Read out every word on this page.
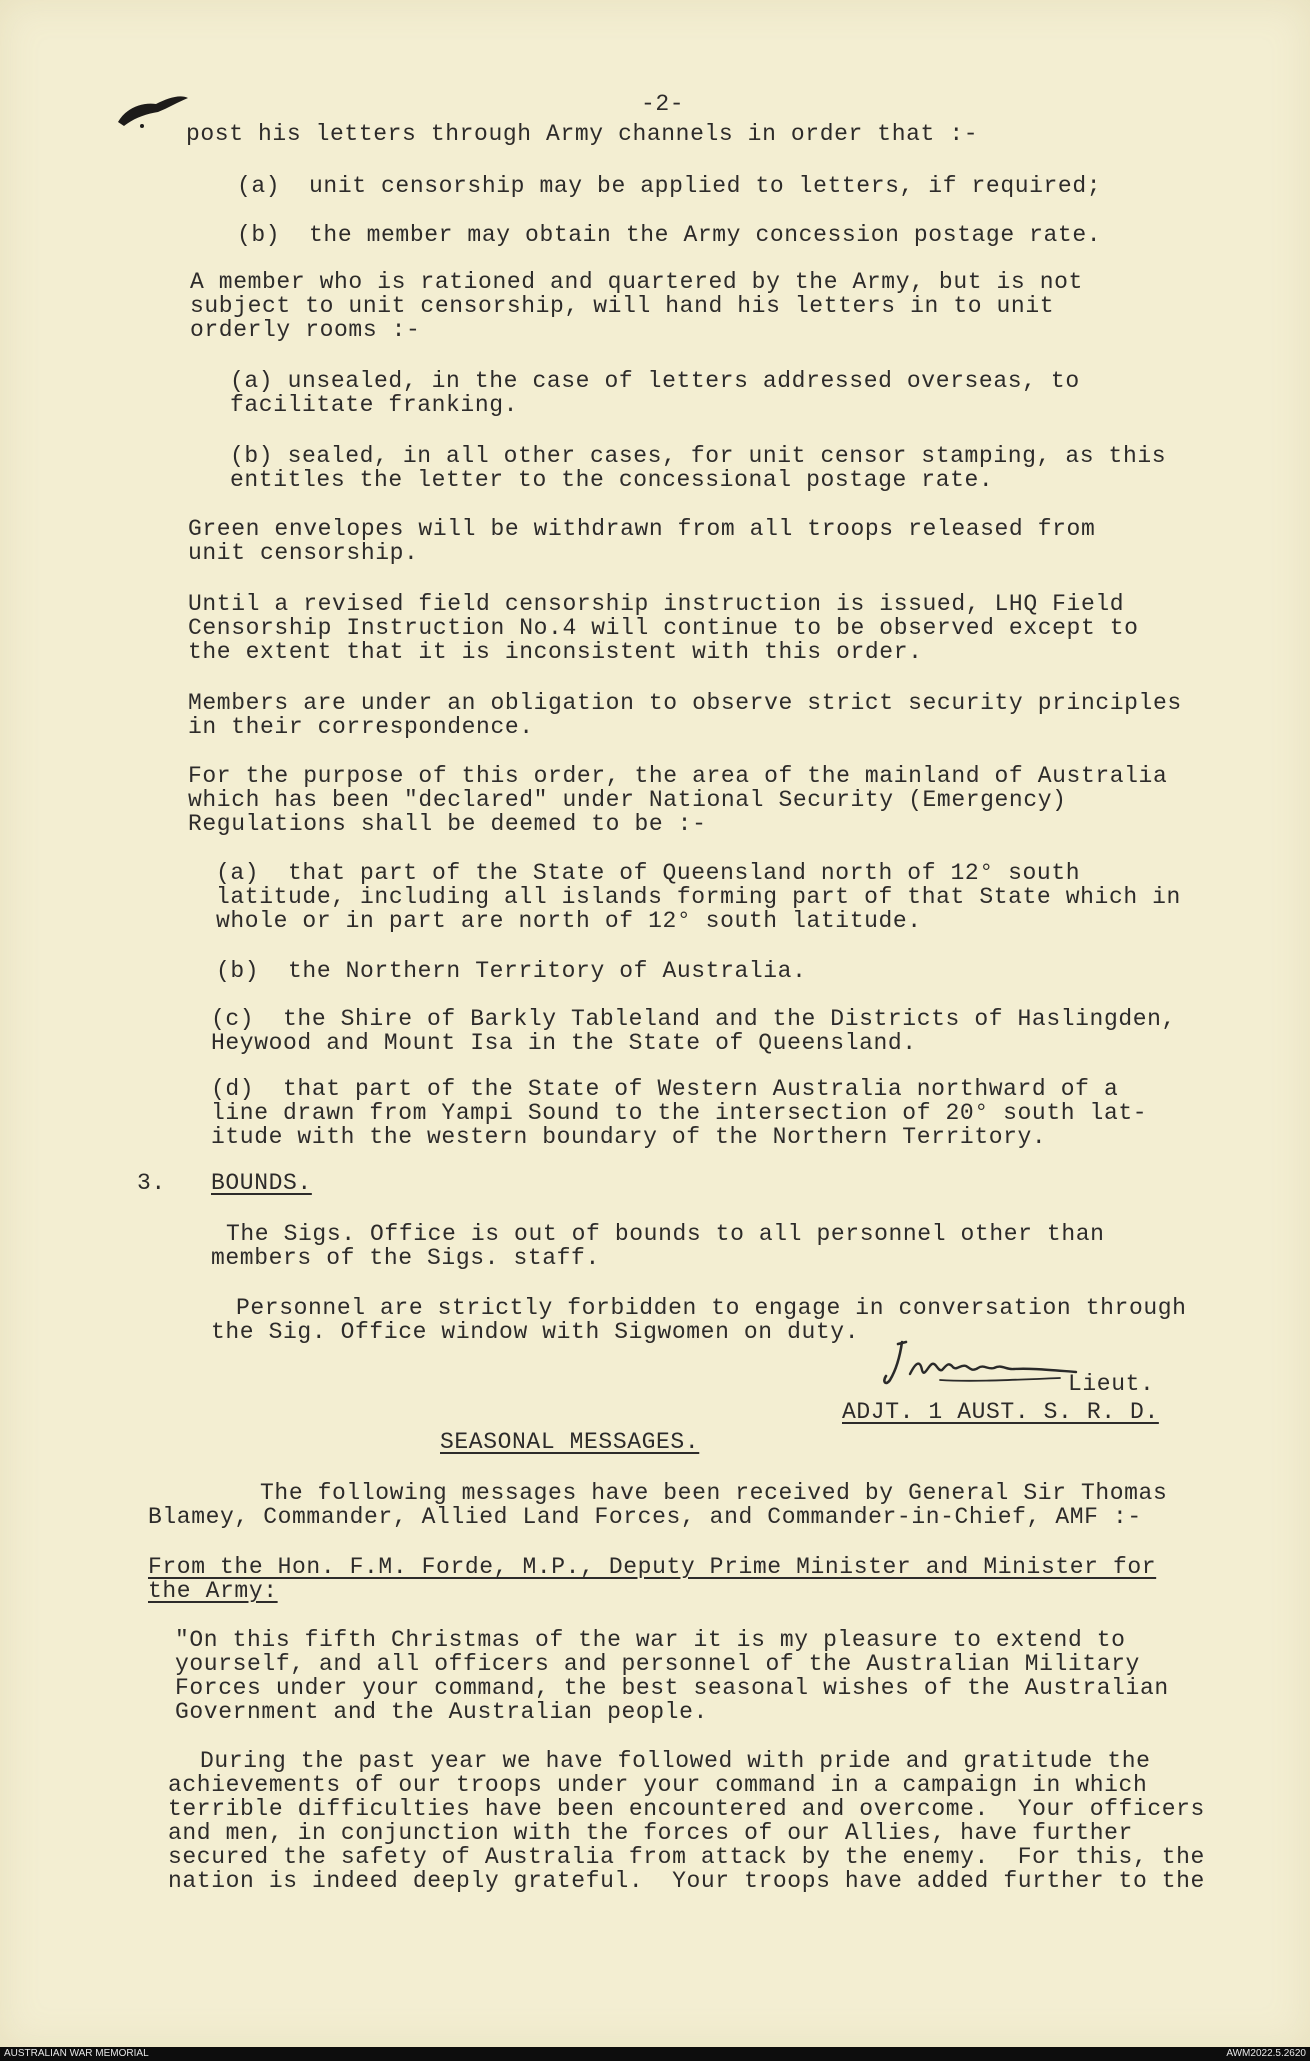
-2-

post his letters through Army channels in order that :-

(a)  unit censorship may be applied to letters, if required;

(b)  the member may obtain the Army concession postage rate.

A member who is rationed and quartered by the Army, but is not

subject to unit censorship, will hand his letters in to unit

orderly rooms :-

(a) unsealed, in the case of letters addressed overseas, to

facilitate franking.

(b) sealed, in all other cases, for unit censor stamping, as this

entitles the letter to the concessional postage rate.

Green envelopes will be withdrawn from all troops released from

unit censorship.

Until a revised field censorship instruction is issued, LHQ Field

Censorship Instruction No.4 will continue to be observed except to

the extent that it is inconsistent with this order.

Members are under an obligation to observe strict security principles

in their correspondence.

For the purpose of this order, the area of the mainland of Australia

which has been "declared" under National Security (Emergency)

Regulations shall be deemed to be :-

(a)  that part of the State of Queensland north of 12° south

latitude, including all islands forming part of that State which in

whole or in part are north of 12° south latitude.

(b)  the Northern Territory of Australia.

(c)  the Shire of Barkly Tableland and the Districts of Haslingden,

Heywood and Mount Isa in the State of Queensland.

(d)  that part of the State of Western Australia northward of a

line drawn from Yampi Sound to the intersection of 20° south lat-

itude with the western boundary of the Northern Territory.

3. BOUNDS.

The Sigs. Office is out of bounds to all personnel other than

members of the Sigs. staff.

Personnel are strictly forbidden to engage in conversation through

the Sig. Office window with Sigwomen on duty.

Lieut.

ADJT. 1 AUST. S. R. D.

SEASONAL MESSAGES.

The following messages have been received by General Sir Thomas

Blamey, Commander, Allied Land Forces, and Commander-in-Chief, AMF :-

From the Hon. F.M. Forde, M.P., Deputy Prime Minister and Minister for

the Army:

"On this fifth Christmas of the war it is my pleasure to extend to

yourself, and all officers and personnel of the Australian Military

Forces under your command, the best seasonal wishes of the Australian

Government and the Australian people.

During the past year we have followed with pride and gratitude the

achievements of our troops under your command in a campaign in which

terrible difficulties have been encountered and overcome.  Your officers

and men, in conjunction with the forces of our Allies, have further

secured the safety of Australia from attack by the enemy.  For this, the

nation is indeed deeply grateful.  Your troops have added further to the

AUSTRALIAN WAR MEMORIAL	AWM2022.5.2620
